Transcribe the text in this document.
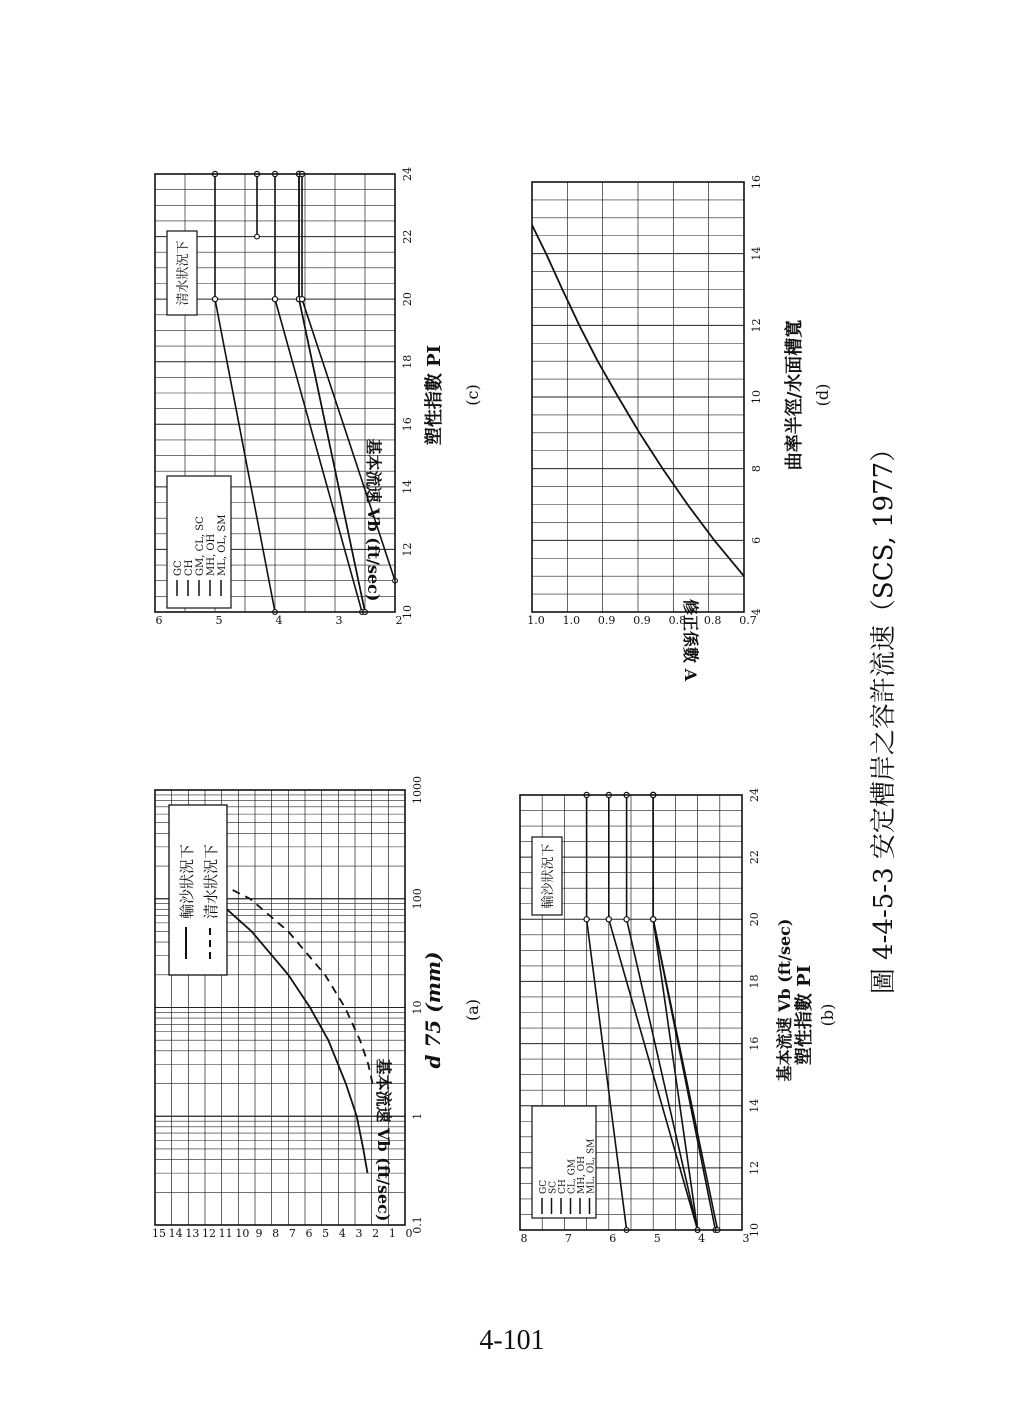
0.1
1
10
100
1000
0
1
2
3
4
5
6
7
8
9
10
11
12
13
14
15
輸沙狀況下 清水狀況下
基本流速 Vb (ft/sec)
d 75 (mm) (a)
10
12
14
16
18
20
22
24
3
4
5
6
7
8
輸沙狀況下
GC SC CH CL, GM MH, OH ML, OL, SM
基本流速 Vb (ft/sec) 塑性指數 PI (b)
10
12
14
16
18
20
22
24
2
3
4
5
6
清水狀況下
GC CH GM, CL, SC MH, OH ML, OL, SM	基本流速 Vb (ft/sec)
塑性指數 PI (c)
4
6
8
10
12
14
16
0.7
0.8
0.8
0.9
0.9
1.0
1.0	修正係數 A
曲率半徑/水面槽寬 (d)
圖 4-4-5-3 安定槽岸之容許流速（SCS, 1977）
4-101
